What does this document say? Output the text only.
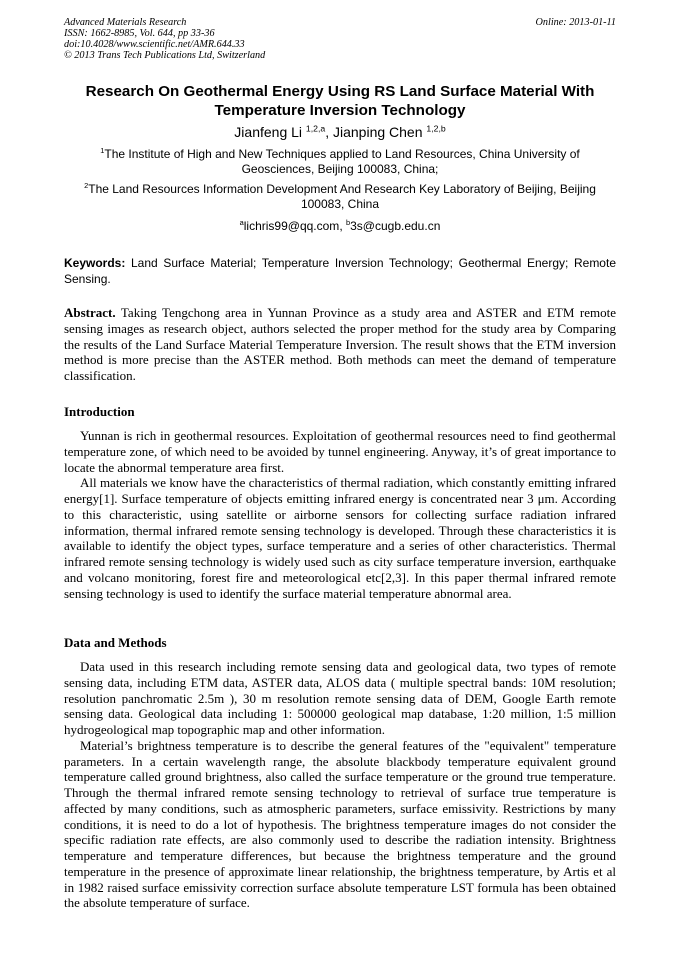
Advanced Materials Research
ISSN: 1662-8985, Vol. 644, pp 33-36
doi:10.4028/www.scientific.net/AMR.644.33
© 2013 Trans Tech Publications Ltd, Switzerland
Online: 2013-01-11
Research On Geothermal Energy Using RS Land Surface Material With
Temperature Inversion Technology
Jianfeng Li $^{1,2,a}$, Jianping Chen $^{1,2,b}$
$^1$The Institute of High and New Techniques applied to Land Resources, China University of
Geosciences, Beijing 100083, China;
$^2$The Land Resources Information Development And Research Key Laboratory of Beijing, Beijing
100083, China
$^a$lichris99@qq.com, $^b$3s@cugb.edu.cn
Keywords: Land Surface Material; Temperature Inversion Technology; Geothermal Energy; Remote Sensing.
Abstract. Taking Tengchong area in Yunnan Province as a study area and ASTER and ETM remote sensing images as research object, authors selected the proper method for the study area by Comparing the results of the Land Surface Material Temperature Inversion. The result shows that the ETM inversion method is more precise than the ASTER method. Both methods can meet the demand of temperature classification.
Introduction

Yunnan is rich in geothermal resources. Exploitation of geothermal resources need to find geothermal temperature zone, of which need to be avoided by tunnel engineering. Anyway, it’s of great importance to locate the abnormal temperature area first.

All materials we know have the characteristics of thermal radiation, which constantly emitting infrared energy[1]. Surface temperature of objects emitting infrared energy is concentrated near 3 μm. According to this characteristic, using satellite or airborne sensors for collecting surface radiation infrared information, thermal infrared remote sensing technology is developed. Through these characteristics it is available to identify the object types, surface temperature and a series of other characteristics. Thermal infrared remote sensing technology is widely used such as city surface temperature inversion, earthquake and volcano monitoring, forest fire and meteorological etc[2,3]. In this paper thermal infrared remote sensing technology is used to identify the surface material temperature abnormal area.

Data and Methods

Data used in this research including remote sensing data and geological data, two types of remote sensing data, including ETM data, ASTER data, ALOS data ( multiple spectral bands: 10M resolution; resolution panchromatic 2.5m ), 30 m resolution remote sensing data of DEM, Google Earth remote sensing data. Geological data including 1: 500000 geological map database, 1:20 million, 1:5 million hydrogeological map topographic map and other information.

Material’s brightness temperature is to describe the general features of the "equivalent" temperature parameters. In a certain wavelength range, the absolute blackbody temperature equivalent ground temperature called ground brightness, also called the surface temperature or the ground true temperature. Through the thermal infrared remote sensing technology to retrieval of surface true temperature is affected by many conditions, such as atmospheric parameters, surface emissivity. Restrictions by many conditions, it is need to do a lot of hypothesis. The brightness temperature images do not consider the specific radiation rate effects, are also commonly used to describe the radiation intensity. Brightness temperature and temperature differences, but because the brightness temperature and the ground temperature in the presence of approximate linear relationship, the brightness temperature, by Artis et al in 1982 raised surface emissivity correction surface absolute temperature LST formula has been obtained the absolute temperature of surface.
